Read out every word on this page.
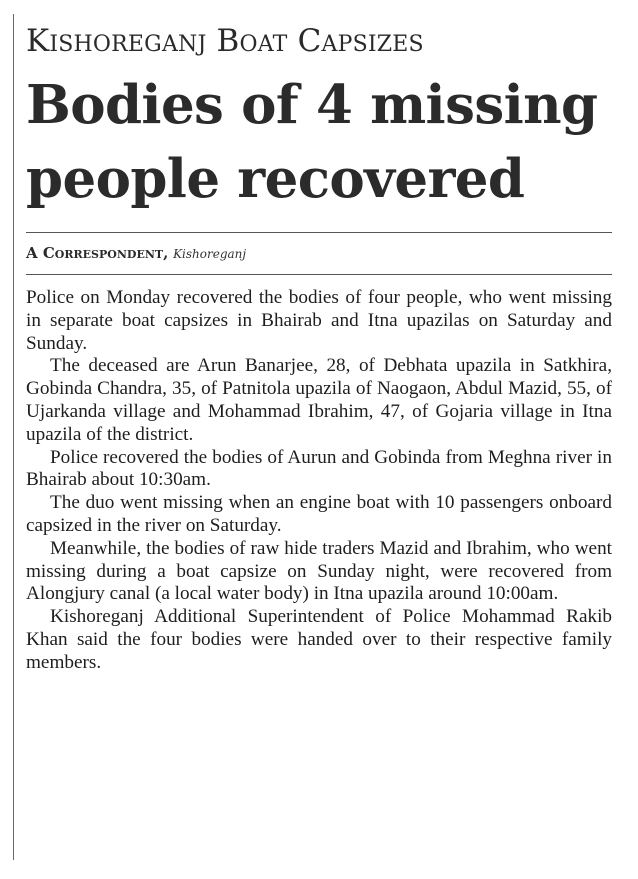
Kishoreganj Boat Capsizes
Bodies of 4 missing people recovered
A Correspondent, Kishoreganj

Police on Monday recovered the bodies of four people, who went missing in separate boat capsizes in Bhairab and Itna upazilas on Saturday and Sunday.

The deceased are Arun Banarjee, 28, of Debhata upazila in Satkhira, Gobinda Chandra, 35, of Patnitola upazila of Naogaon, Abdul Mazid, 55, of Ujarkanda village and Mohammad Ibrahim, 47, of Gojaria village in Itna upazila of the district.

Police recovered the bodies of Aurun and Gobinda from Meghna river in Bhairab about 10:30am.

The duo went missing when an engine boat with 10 passengers onboard capsized in the river on Saturday.

Meanwhile, the bodies of raw hide traders Mazid and Ibrahim, who went missing during a boat capsize on Sunday night, were recovered from Alongjury canal (a local water body) in Itna upazila around 10:00am.

Kishoreganj Additional Superintendent of Police Mohammad Rakib Khan said the four bodies were handed over to their respective family members.
